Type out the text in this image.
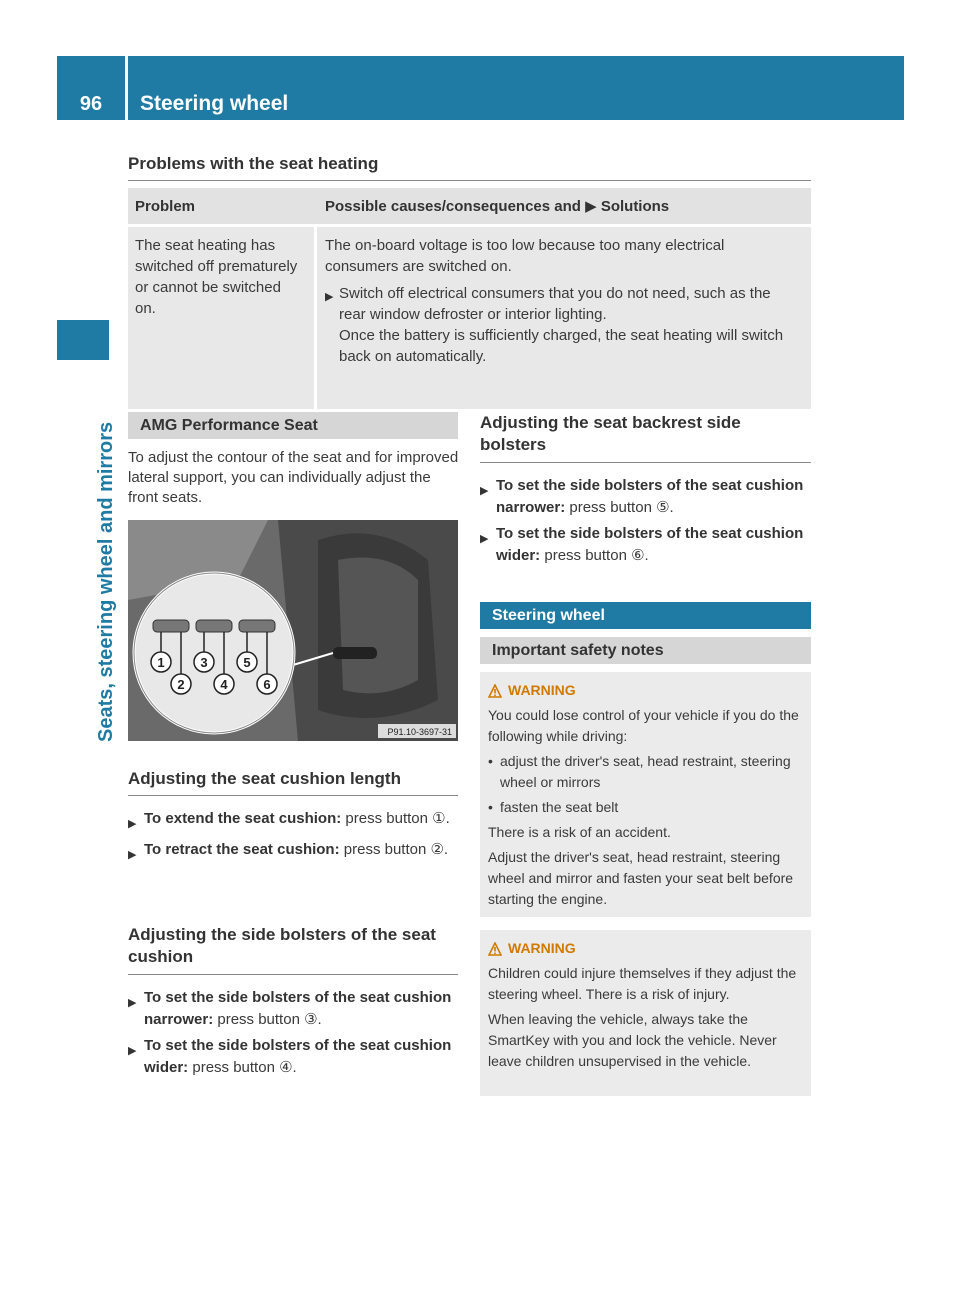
96	Steering wheel
Seats, steering wheel and mirrors
Problems with the seat heating
Problem	Possible causes/consequences and ▶ Solutions
The seat heating has switched off prematurely or cannot be switched on.
The on-board voltage is too low because too many electrical consumers are switched on.
▶ Switch off electrical consumers that you do not need, such as the rear window defroster or interior lighting.
Once the battery is sufficiently charged, the seat heating will switch back on automatically.
AMG Performance Seat
To adjust the contour of the seat and for improved lateral support, you can individually adjust the front seats.
1
2
3
4
5
6
P91.10-3697-31
Adjusting the seat cushion length
▶ To extend the seat cushion: press button ①.
▶ To retract the seat cushion: press button ②.
Adjusting the side bolsters of the seat cushion
▶ To set the side bolsters of the seat cushion narrower: press button ③.
▶ To set the side bolsters of the seat cushion wider: press button ④.
Adjusting the seat backrest side bolsters
▶ To set the side bolsters of the seat cushion narrower: press button ⑤.
▶ To set the side bolsters of the seat cushion wider: press button ⑥.
Steering wheel
Important safety notes
WARNING

You could lose control of your vehicle if you do the following while driving:

• adjust the driver's seat, head restraint, steering wheel or mirrors
• fasten the seat belt

There is a risk of an accident.

Adjust the driver's seat, head restraint, steering wheel and mirror and fasten your seat belt before starting the engine.

WARNING

Children could injure themselves if they adjust the steering wheel. There is a risk of injury.

When leaving the vehicle, always take the SmartKey with you and lock the vehicle. Never leave children unsupervised in the vehicle.
